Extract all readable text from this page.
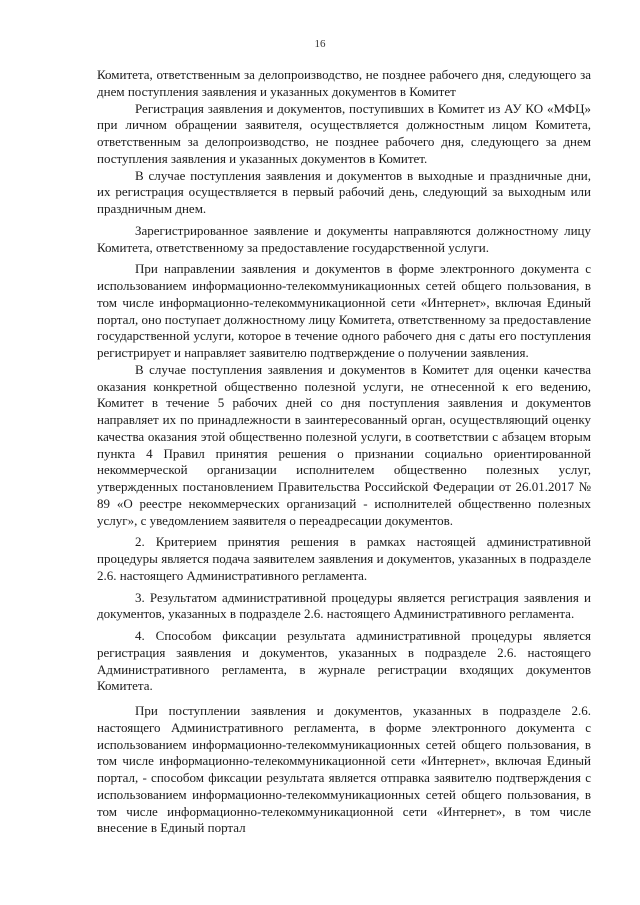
16

Комитета, ответственным за делопроизводство, не позднее рабочего дня, следующего за днем поступления заявления и указанных документов в Комитет

Регистрация заявления и документов, поступивших в Комитет из АУ КО «МФЦ» при личном обращении заявителя, осуществляется должностным лицом Комитета, ответственным за делопроизводство, не позднее рабочего дня, следующего за днем поступления заявления и указанных документов в Комитет.

В случае поступления заявления и документов в выходные и праздничные дни, их регистрация осуществляется в первый рабочий день, следующий за выходным или праздничным днем.

Зарегистрированное заявление и документы направляются должностному лицу Комитета, ответственному за предоставление государственной услуги.

При направлении заявления и документов в форме электронного документа с использованием информационно-телекоммуникационных сетей общего пользования, в том числе информационно-телекоммуникационной сети «Интернет», включая Единый портал, оно поступает должностному лицу Комитета, ответственному за предоставление государственной услуги, которое в течение одного рабочего дня с даты его поступления регистрирует и направляет заявителю подтверждение о получении заявления.

В случае поступления заявления и документов в Комитет для оценки качества оказания конкретной общественно полезной услуги, не отнесенной к его ведению, Комитет в течение 5 рабочих дней со дня поступления заявления и документов направляет их по принадлежности в заинтересованный орган, осуществляющий оценку качества оказания этой общественно полезной услуги, в соответствии с абзацем вторым пункта 4 Правил принятия решения о признании социально ориентированной некоммерческой организации исполнителем общественно полезных услуг, утвержденных постановлением Правительства Российской Федерации от 26.01.2017 № 89 «О реестре некоммерческих организаций - исполнителей общественно полезных услуг», с уведомлением заявителя о переадресации документов.

2. Критерием принятия решения в рамках настоящей административной процедуры является подача заявителем заявления и документов, указанных в подразделе 2.6. настоящего Административного регламента.

3. Результатом административной процедуры является регистрация заявления и документов, указанных в подразделе 2.6. настоящего Административного регламента.

4. Способом фиксации результата административной процедуры является регистрация заявления и документов, указанных в подразделе 2.6. настоящего Административного регламента, в журнале регистрации входящих документов Комитета.

При поступлении заявления и документов, указанных в подразделе 2.6. настоящего Административного регламента, в форме электронного документа с использованием информационно-телекоммуникационных сетей общего пользования, в том числе информационно-телекоммуникационной сети «Интернет», включая Единый портал, - способом фиксации результата является отправка заявителю подтверждения с использованием информационно-телекоммуникационных сетей общего пользования, в том числе информационно-телекоммуникационной сети «Интернет», в том числе внесение в Единый портал
